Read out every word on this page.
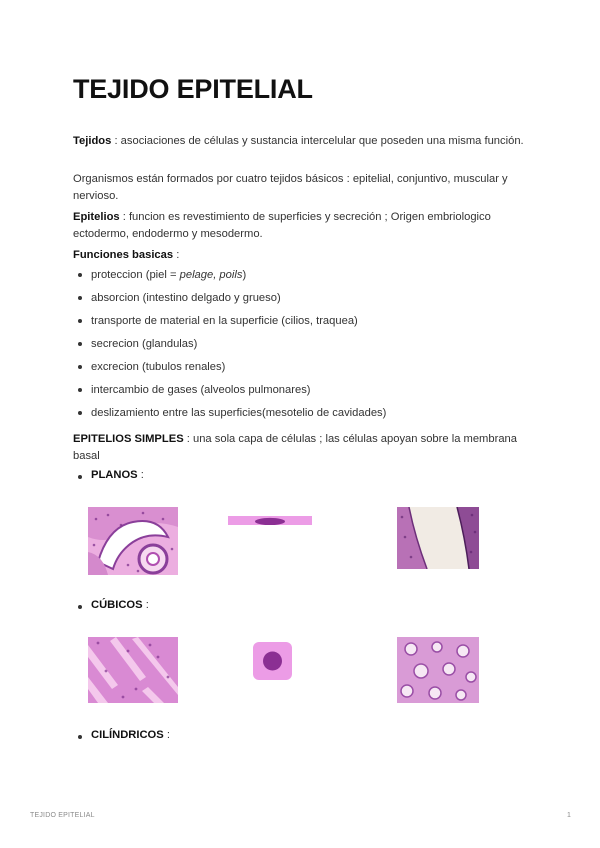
TEJIDO EPITELIAL

Tejidos : asociaciones de células y sustancia intercelular que poseden una misma función.

Organismos están formados por cuatro tejidos básicos : epitelial, conjuntivo, muscular y nervioso.

Epitelios : funcion es revestimiento de superficies y secreción ; Origen embriologico ectodermo, endodermo y mesodermo.

Funciones basicas :

proteccion (piel = pelage, poils)
absorcion (intestino delgado y grueso)
transporte de material en la superficie (cilios, traquea)
secrecion (glandulas)
excrecion (tubulos renales)
intercambio de gases (alveolos pulmonares)
deslizamiento entre las superficies(mesotelio de cavidades)

EPITELIOS SIMPLES : una sola capa de células ; las células apoyan sobre la membrana basal

PLANOS :
CÚBICOS :
CILÍNDRICOS :
TEJIDO EPITELIAL	1
